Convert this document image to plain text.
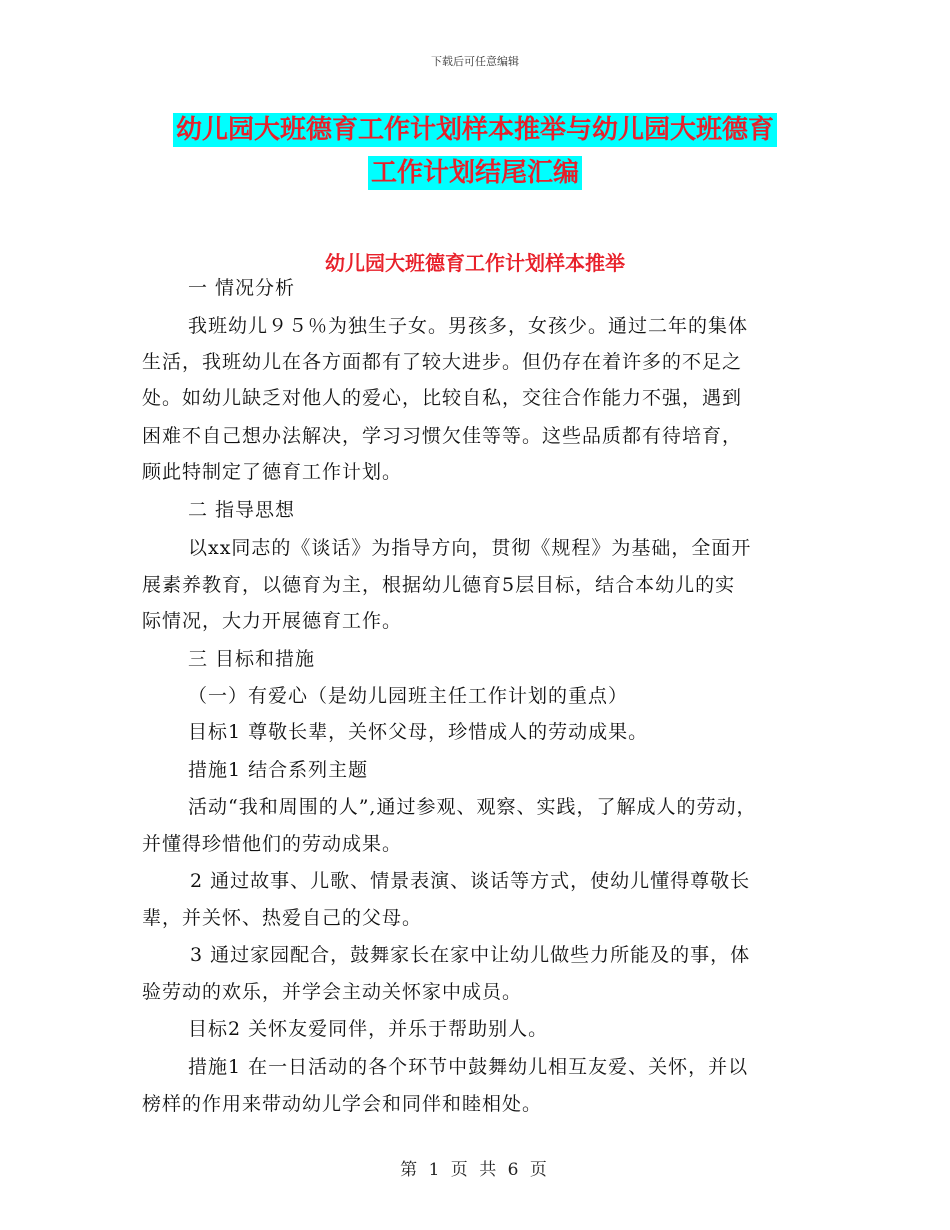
下载后可任意编辑
幼儿园大班德育工作计划样本推举与幼儿园大班德育
工作计划结尾汇编
幼儿园大班德育工作计划样本推举
一 情况分析
我班幼儿９５％为独生子女。男孩多，女孩少。通过二年的集体
生活，我班幼儿在各方面都有了较大进步。但仍存在着许多的不足之
处。如幼儿缺乏对他人的爱心，比较自私，交往合作能力不强，遇到
困难不自己想办法解决，学习习惯欠佳等等。这些品质都有待培育，
顾此特制定了德育工作计划。
二 指导思想
以xx同志的《谈话》为指导方向，贯彻《规程》为基础，全面开
展素养教育，以德育为主，根据幼儿德育5层目标，结合本幼儿的实
际情况，大力开展德育工作。
三 目标和措施
（一）有爱心（是幼儿园班主任工作计划的重点）
目标1 尊敬长辈，关怀父母，珍惜成人的劳动成果。
措施1 结合系列主题
活动“我和周围的人”,通过参观、观察、实践，了解成人的劳动，
并懂得珍惜他们的劳动成果。
2 通过故事、儿歌、情景表演、谈话等方式，使幼儿懂得尊敬长
辈，并关怀、热爱自己的父母。
3 通过家园配合，鼓舞家长在家中让幼儿做些力所能及的事，体
验劳动的欢乐，并学会主动关怀家中成员。
目标2 关怀友爱同伴，并乐于帮助别人。
措施1 在一日活动的各个环节中鼓舞幼儿相互友爱、关怀，并以
榜样的作用来带动幼儿学会和同伴和睦相处。
第 1 页 共 6 页
